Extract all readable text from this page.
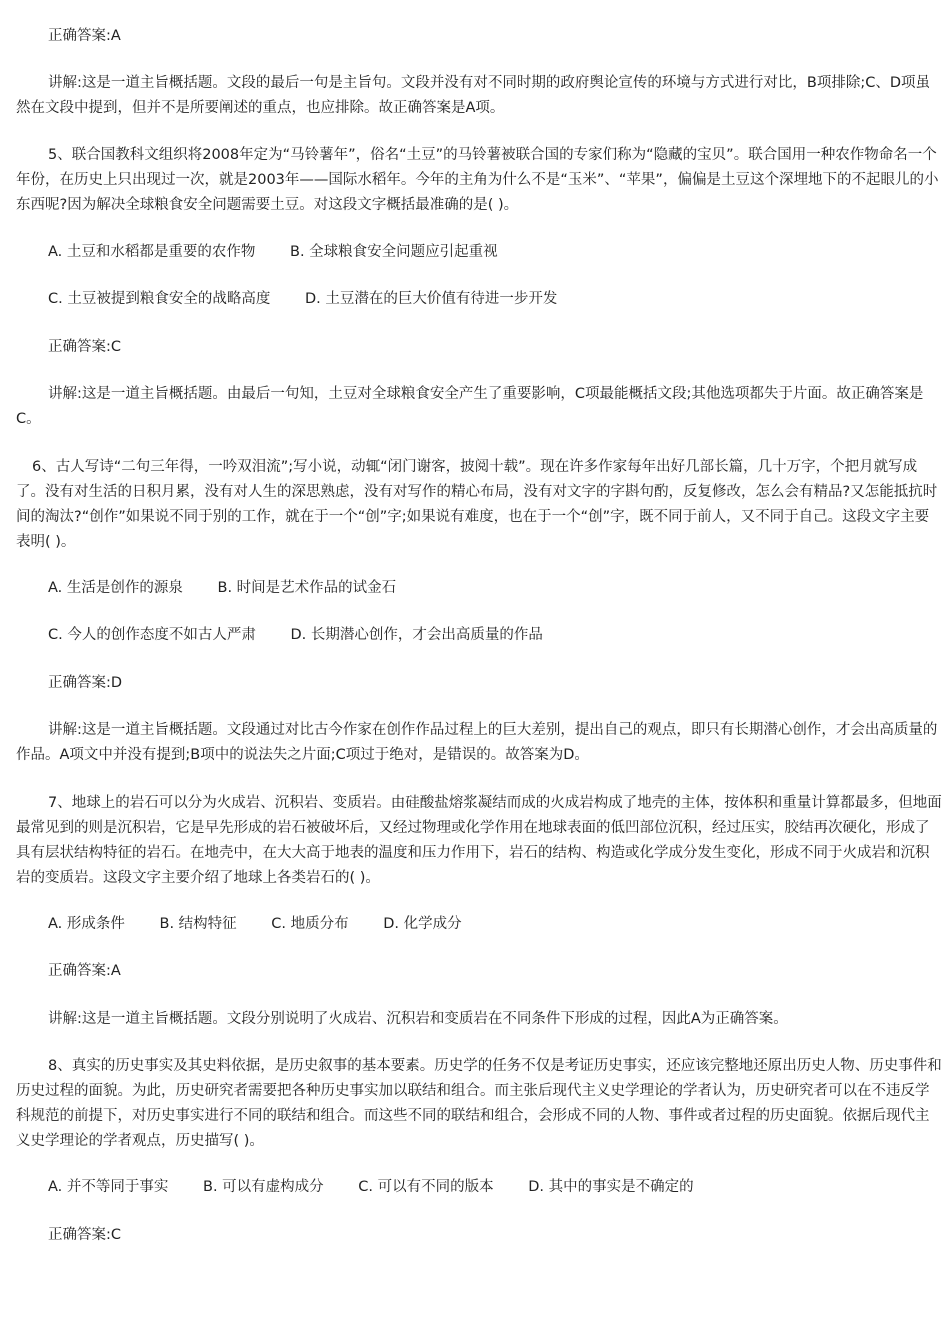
正确答案:A

讲解:这是一道主旨概括题。文段的最后一句是主旨句。文段并没有对不同时期的政府舆论宣传的环境与方式进行对比，B项排除;C、D项虽然在文段中提到，但并不是所要阐述的重点，也应排除。故正确答案是A项。

5、联合国教科文组织将2008年定为“马铃薯年”，俗名“土豆”的马铃薯被联合国的专家们称为“隐藏的宝贝”。联合国用一种农作物命名一个年份，在历史上只出现过一次，就是2003年——国际水稻年。今年的主角为什么不是“玉米”、“苹果”，偏偏是土豆这个深埋地下的不起眼儿的小东西呢?因为解决全球粮食安全问题需要土豆。对这段文字概括最准确的是( )。

A. 土豆和水稻都是重要的农作物 B. 全球粮食安全问题应引起重视

C. 土豆被提到粮食安全的战略高度 D. 土豆潜在的巨大价值有待进一步开发

正确答案:C

讲解:这是一道主旨概括题。由最后一句知，土豆对全球粮食安全产生了重要影响，C项最能概括文段;其他选项都失于片面。故正确答案是C。

6、古人写诗“二句三年得，一吟双泪流”;写小说，动辄“闭门谢客，披阅十载”。现在许多作家每年出好几部长篇，几十万字，个把月就写成了。没有对生活的日积月累，没有对人生的深思熟虑，没有对写作的精心布局，没有对文字的字斟句酌，反复修改，怎么会有精品?又怎能抵抗时间的淘汰?“创作”如果说不同于别的工作，就在于一个“创”字;如果说有难度，也在于一个“创”字，既不同于前人，又不同于自己。这段文字主要表明( )。

A. 生活是创作的源泉 B. 时间是艺术作品的试金石

C. 今人的创作态度不如古人严肃 D. 长期潜心创作，才会出高质量的作品

正确答案:D

讲解:这是一道主旨概括题。文段通过对比古今作家在创作作品过程上的巨大差别，提出自己的观点，即只有长期潜心创作，才会出高质量的作品。A项文中并没有提到;B项中的说法失之片面;C项过于绝对，是错误的。故答案为D。

7、地球上的岩石可以分为火成岩、沉积岩、变质岩。由硅酸盐熔浆凝结而成的火成岩构成了地壳的主体，按体积和重量计算都最多，但地面最常见到的则是沉积岩，它是早先形成的岩石被破坏后，又经过物理或化学作用在地球表面的低凹部位沉积，经过压实，胶结再次硬化，形成了具有层状结构特征的岩石。在地壳中，在大大高于地表的温度和压力作用下，岩石的结构、构造或化学成分发生变化，形成不同于火成岩和沉积岩的变质岩。这段文字主要介绍了地球上各类岩石的( )。

A. 形成条件 B. 结构特征 C. 地质分布 D. 化学成分

正确答案:A

讲解:这是一道主旨概括题。文段分别说明了火成岩、沉积岩和变质岩在不同条件下形成的过程，因此A为正确答案。

8、真实的历史事实及其史料依据，是历史叙事的基本要素。历史学的任务不仅是考证历史事实，还应该完整地还原出历史人物、历史事件和历史过程的面貌。为此，历史研究者需要把各种历史事实加以联结和组合。而主张后现代主义史学理论的学者认为，历史研究者可以在不违反学科规范的前提下，对历史事实进行不同的联结和组合。而这些不同的联结和组合，会形成不同的人物、事件或者过程的历史面貌。依据后现代主义史学理论的学者观点，历史描写( )。

A. 并不等同于事实 B. 可以有虚构成分 C. 可以有不同的版本 D. 其中的事实是不确定的

正确答案:C
